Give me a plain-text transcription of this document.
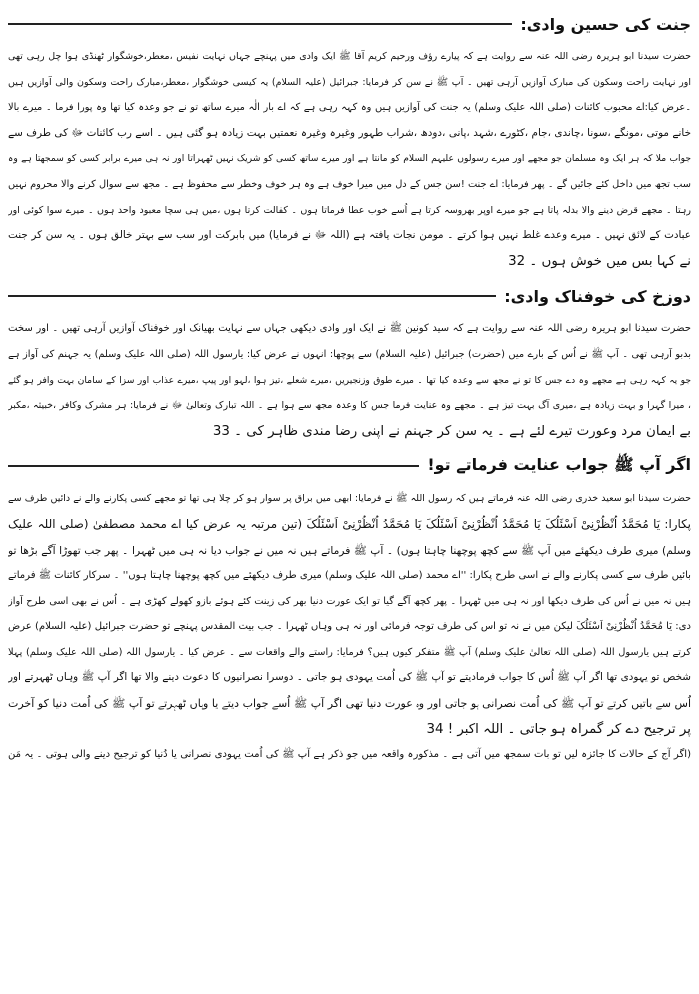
جنت کی حسین وادی:
حضرت سیدنا ابو ہریرہ رضی اللہ عنہ سے روایت ہے کہ پیارے رؤف ورحیم کریم آقا ﷺ ایک وادی میں پہنچے جہاں نہایت نفیس ،معطر،خوشگوار ٹھنڈی ہوا چل رہی تھی
اور نہایت راحت وسکون کی مبارک آوازیں آرہی تھیں ۔ آپ ﷺ نے سن کر فرمایا: جبرائیل (علیہ السلام) یہ کیسی خوشگوار ،معطر،مبارک راحت وسکون والی آوازیں ہیں
۔عرض کیا:اے محبوب کائنات (صلی اللہ علیک وسلم) یہ جنت کی آوازیں ہیں وہ کہہ رہی ہے کہ اے بار الٰہ میرے ساتھ تو نے جو وعدہ کیا تھا وہ پورا فرما ۔ میرے بالا
خانے موتی ،مونگے ،سونا ،چاندی ،جام ،کٹورے ،شہد ،پانی ،دودھ ،شراب طہور وغیرہ وغیرہ نعمتیں بہت زیادہ ہو گئی ہیں ۔ اسے رب کائنات ﷻ کی طرف سے
جواب ملا کہ ہر ایک وہ مسلمان جو مجھے اور میرے رسولوں علیہم السلام کو مانتا ہے اور میرے ساتھ کسی کو شریک نہیں ٹھہراتا اور نہ ہی میرے برابر کسی کو سمجھتا ہے وہ
سب تجھ میں داخل کئے جائیں گے ۔ پھر فرمایا: اے جنت !سن جس کے دل میں میرا خوف ہے وہ ہر خوف وخطر سے محفوظ ہے ۔ مجھ سے سوال کرنے والا محروم نہیں
رہتا ۔ مجھے قرض دینے والا بدلہ پاتا ہے جو میرے اوپر بھروسہ کرتا ہے اُسے خوب عطا فرماتا ہوں ۔ کفالت کرتا ہوں ،میں ہی سچا معبود واحد ہوں ۔ میرے سوا کوئی اور
عبادت کے لائق نہیں ۔ میرے وعدے غلط نہیں ہوا کرتے ۔ مومن نجات یافتہ ہے (اللہ ﷻ نے فرمایا) میں بابرکت اور سب سے بہتر خالق ہوں ۔ یہ سن کر جنت
نے کہا بس میں خوش ہوں ۔ 32
دوزخ کی خوفناک وادی:
حضرت سیدنا ابو ہریرہ رضی اللہ عنہ سے روایت ہے کہ سید کونین ﷺ نے ایک اور وادی دیکھی جہاں سے نہایت بھیانک اور خوفناک آوازیں آرہی تھیں ۔ اور سخت
بدبو آرہی تھی ۔ آپ ﷺ نے اُس کے بارے میں (حضرت) جبرائیل (علیہ السلام) سے پوچھا: انہوں نے عرض کیا: یارسول اللہ (صلی اللہ علیک وسلم) یہ جہنم کی آواز ہے
جو یہ کہہ رہی ہے مجھے وہ دے جس کا تو نے مجھ سے وعدہ کیا تھا ۔ میرے طوق وزنجیریں ،میرے شعلے ،تیز ہوا ،لہو اور پیپ ،میرے عذاب اور سزا کے سامان بہت وافر ہو گئے
، میرا گہرا و بہت زیادہ ہے ،میری آگ بہت تیز ہے ۔ مجھے وہ عنایت فرما جس کا وعدہ مجھ سے ہوا ہے ۔ اللہ تبارک وتعالیٰ ﷻ نے فرمایا: ہر مشرک وکافر ،خبیثہ ،مکبر
بے ایمان مرد وعورت تیرے لئے ہے ۔ یہ سن کر جہنم نے اپنی رضا مندی ظاہر کی ۔ 33
اگر آپ ﷺ جواب عنایت فرماتے تو!
حضرت سیدنا ابو سعید خدری رضی اللہ عنہ فرماتے ہیں کہ رسول اللہ ﷺ نے فرمایا: ابھی میں براق پر سوار ہو کر چلا ہی تھا تو مجھے کسی پکارنے والے نے دائیں طرف سے
پکارا: یَا مُحَمَّدُ اُنْظُرْنِیْ اَسْئَلُکَ یَا مُحَمَّدُ اُنْظُرْنِیْ اَسْئَلُکَ یَا مُحَمَّدُ اُنْظُرْنِیْ اَسْئَلُکَ (تین مرتبہ یہ عرض کیا اے محمد مصطفیٰ (صلی اللہ علیک
وسلم) میری طرف دیکھئے میں آپ ﷺ سے کچھ پوچھنا چاہتا ہوں) ۔ آپ ﷺ فرماتے ہیں نہ میں نے جواب دیا نہ ہی میں ٹھہرا ۔ پھر جب تھوڑا آگے بڑھا تو
بائیں طرف سے کسی پکارنے والے نے اسی طرح پکارا: ''اے محمد (صلی اللہ علیک وسلم) میری طرف دیکھئے میں کچھ پوچھنا چاہتا ہوں'' ۔ سرکار کائنات ﷺ فرماتے
ہیں نہ میں نے اُس کی طرف دیکھا اور نہ ہی میں ٹھہرا ۔ پھر کچھ آگے گیا تو ایک عورت دنیا بھر کی زینت کئے ہوئے بازو کھولے کھڑی ہے ۔ اُس نے بھی اسی طرح آواز
دی: یَا مُحَمَّدُ اُنْظُرْنِیْ اَسْئَلُکَ لیکن میں نے نہ تو اس کی طرف توجہ فرمائی اور نہ ہی وہاں ٹھہرا ۔ جب بیت المقدس پہنچے تو حضرت جبرائیل (علیہ السلام) عرض
کرتے ہیں یارسول اللہ (صلی اللہ تعالیٰ علیک وسلم) آپ ﷺ متفکر کیوں ہیں؟ فرمایا: راستے والے واقعات سے ۔ عرض کیا ۔ یارسول اللہ (صلی اللہ علیک وسلم) پہلا
شخص تو یہودی تھا اگر آپ ﷺ اُس کا جواب فرمادیتے تو آپ ﷺ کی اُمت یہودی ہو جاتی ۔ دوسرا نصرانیوں کا دعوت دینے والا تھا اگر آپ ﷺ وہاں ٹھہرتے اور
اُس سے باتیں کرتے تو آپ ﷺ کی اُمت نصرانی ہو جاتی اور وہ عورت دنیا تھی اگر آپ ﷺ اُسے جواب دیتے یا وہاں ٹھہرتے تو آپ ﷺ کی اُمت دنیا کو آخرت
پر ترجیح دے کر گمراہ ہو جاتی ۔ اللہ اکبر ! 34
(اگر آج کے حالات کا جائزہ لیں تو بات سمجھ میں آتی ہے ۔ مذکورہ واقعہ میں جو ذکر ہے آپ ﷺ کی اُمت یہودی نصرانی یا دُنیا کو ترجیح دینے والی ہوتی ۔ یہ مَن
